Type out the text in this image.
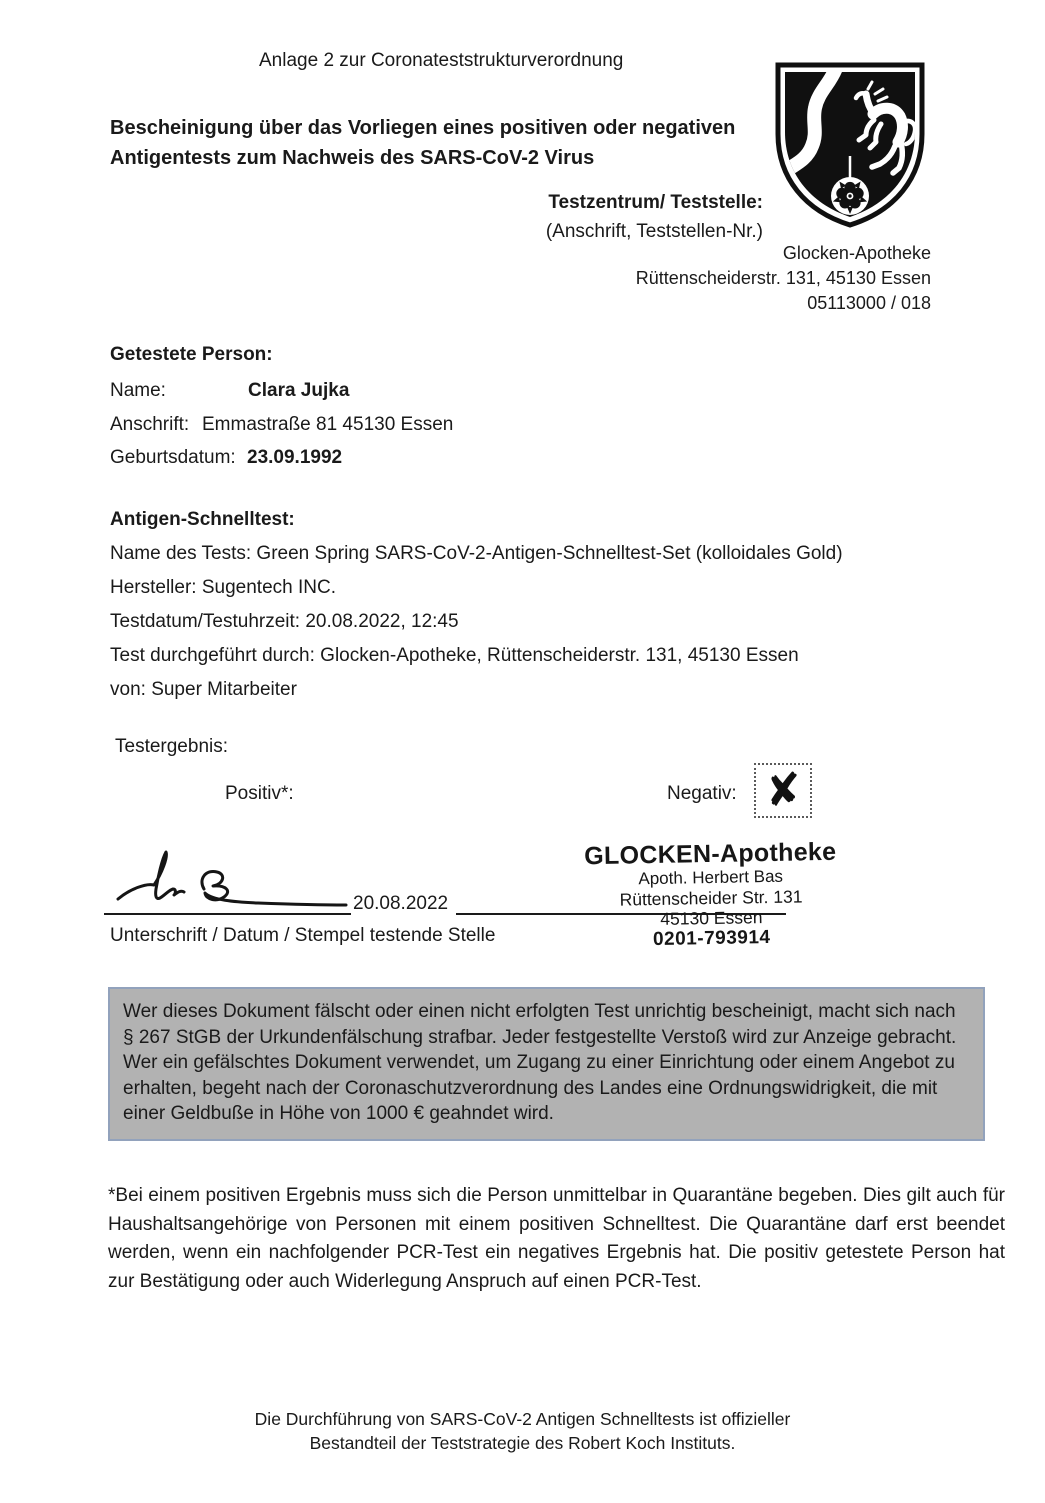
Anlage 2 zur Coronateststrukturverordnung
Bescheinigung über das Vorliegen eines positiven oder negativen
Antigentests zum Nachweis des SARS-CoV-2 Virus
Testzentrum/ Teststelle:
(Anschrift, Teststellen-Nr.)
Glocken-Apotheke
Rüttenscheiderstr. 131, 45130 Essen
05113000 / 018
Getestete Person:
Name:	Clara Jujka
Anschrift: Emmastraße 81 45130 Essen
Geburtsdatum: 23.09.1992
Antigen-Schnelltest:
Name des Tests: Green Spring SARS-CoV-2-Antigen-Schnelltest-Set (kolloidales Gold)
Hersteller: Sugentech INC.
Testdatum/Testuhrzeit: 20.08.2022, 12:45
Test durchgeführt durch: Glocken-Apotheke, Rüttenscheiderstr. 131, 45130 Essen
von: Super Mitarbeiter
Testergebnis:
Positiv*:	Negativ: ✘
20.08.2022
Unterschrift / Datum / Stempel testende Stelle
GLOCKEN-Apotheke
Apoth. Herbert Bas
Rüttenscheider Str. 131
45130 Essen
0201-793914

Wer dieses Dokument fälscht oder einen nicht erfolgten Test unrichtig bescheinigt, macht sich nach § 267 StGB der Urkundenfälschung strafbar. Jeder festgestellte Verstoß wird zur Anzeige gebracht.

Wer ein gefälschtes Dokument verwendet, um Zugang zu einer Einrichtung oder einem Angebot zu erhalten, begeht nach der Coronaschutzverordnung des Landes eine Ordnungswidrigkeit, die mit einer Geldbuße in Höhe von 1000 € geahndet wird.

*Bei einem positiven Ergebnis muss sich die Person unmittelbar in Quarantäne begeben. Dies gilt auch für Haushaltsangehörige von Personen mit einem positiven Schnelltest. Die Quarantäne darf erst beendet werden, wenn ein nachfolgender PCR-Test ein negatives Ergebnis hat. Die positiv getestete Person hat zur Bestätigung oder auch Widerlegung Anspruch auf einen PCR-Test.
Die Durchführung von SARS-CoV-2 Antigen Schnelltests ist offizieller
Bestandteil der Teststrategie des Robert Koch Instituts.
